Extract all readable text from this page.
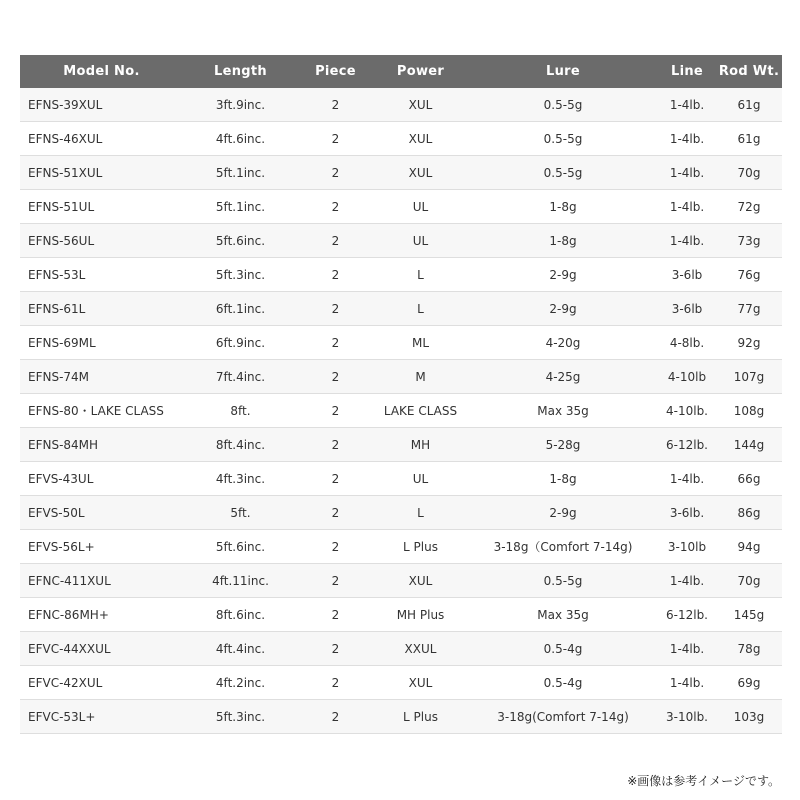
Model No.	Length	Piece	Power	Lure	Line	Rod Wt.
EFNS-39XUL	3ft.9inc.	2	XUL	0.5-5g	1-4lb.	61g
EFNS-46XUL	4ft.6inc.	2	XUL	0.5-5g	1-4lb.	61g
EFNS-51XUL	5ft.1inc.	2	XUL	0.5-5g	1-4lb.	70g
EFNS-51UL	5ft.1inc.	2	UL	1-8g	1-4lb.	72g
EFNS-56UL	5ft.6inc.	2	UL	1-8g	1-4lb.	73g
EFNS-53L	5ft.3inc.	2	L	2-9g	3-6lb	76g
EFNS-61L	6ft.1inc.	2	L	2-9g	3-6lb	77g
EFNS-69ML	6ft.9inc.	2	ML	4-20g	4-8lb.	92g
EFNS-74M	7ft.4inc.	2	M	4-25g	4-10lb	107g
EFNS-80・LAKE CLASS	8ft.	2	LAKE CLASS	Max 35g	4-10lb.	108g
EFNS-84MH	8ft.4inc.	2	MH	5-28g	6-12lb.	144g
EFVS-43UL	4ft.3inc.	2	UL	1-8g	1-4lb.	66g
EFVS-50L	5ft.	2	L	2-9g	3-6lb.	86g
EFVS-56L+	5ft.6inc.	2	L Plus	3-18g（Comfort 7-14g)	3-10lb	94g
EFNC-411XUL	4ft.11inc.	2	XUL	0.5-5g	1-4lb.	70g
EFNC-86MH+	8ft.6inc.	2	MH Plus	Max 35g	6-12lb.	145g
EFVC-44XXUL	4ft.4inc.	2	XXUL	0.5-4g	1-4lb.	78g
EFVC-42XUL	4ft.2inc.	2	XUL	0.5-4g	1-4lb.	69g
EFVC-53L+	5ft.3inc.	2	L Plus	3-18g(Comfort 7-14g)	3-10lb.	103g
※画像は参考イメージです。
